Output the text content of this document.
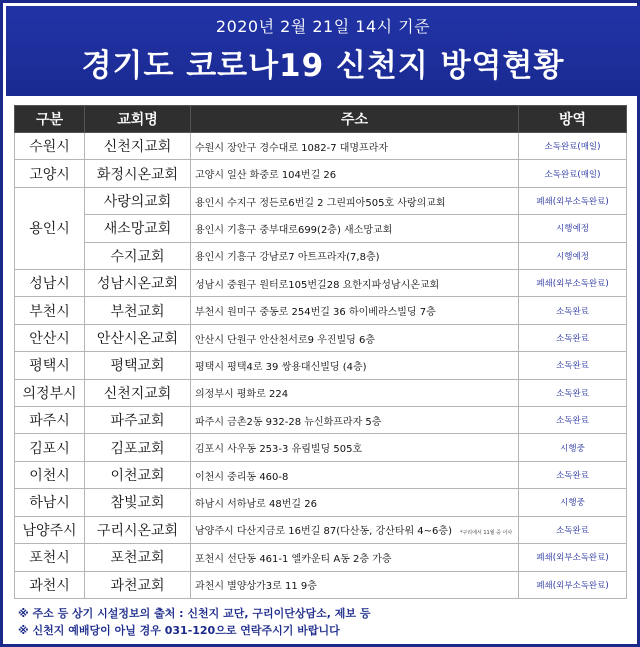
2020년 2월 21일 14시 기준
경기도 코로나19 신천지 방역현황
구분	교회명	주소	방역
수원시	신천지교회	수원시 장안구 경수대로 1082-7 대명프라자	소독완료(매일)
고양시	화정시온교회	고양시 일산 화중로 104번길 26	소독완료(매일)
용인시	사랑의교회	용인시 수지구 정든로6번길 2 그린피아505호 사랑의교회	폐쇄(외부소독완료)
	새소망교회	용인시 기흥구 중부대로699(2층) 새소망교회	시행예정
	수지교회	용인시 기흥구 강남로7 아트프라자(7,8층)	시행예정
성남시	성남시온교회	성남시 중원구 원터로105번길28 요한지파성남시온교회	폐쇄(외부소독완료)
부천시	부천교회	부천시 원미구 중동로 254번길 36 하이베라스빌딩 7층	소독완료
안산시	안산시온교회	안산시 단원구 안산천서로9 우진빌딩 6층	소독완료
평택시	평택교회	평택시 평택4로 39 쌍용대신빌딩 (4층)	소독완료
의정부시	신천지교회	의정부시 평화로 224	소독완료
파주시	파주교회	파주시 금촌2동 932-28 뉴신화프라자 5층	소독완료
김포시	김포교회	김포시 사우동 253-3 유림빌딩 505호	시행중
이천시	이천교회	이천시 중리동 460-8	소독완료
하남시	참빛교회	하남시 서하남로 48번길 26	시행중
남양주시	구리시온교회	남양주시 다산지금로 16번길 87(다산동, 강산타워 4~6층) *구리에서 11월 중 이사	소독완료
포천시	포천교회	포천시 선단동 461-1 엘카운티 A동 2층 가층	폐쇄(외부소독완료)
과천시	과천교회	과천시 별양상가3로 11 9층	폐쇄(외부소독완료)
※ 주소 등 상기 시설정보의 출처 : 신천지 교단, 구리이단상담소, 제보 등
※ 신천지 예배당이 아닐 경우 031-120으로 연락주시기 바랍니다
